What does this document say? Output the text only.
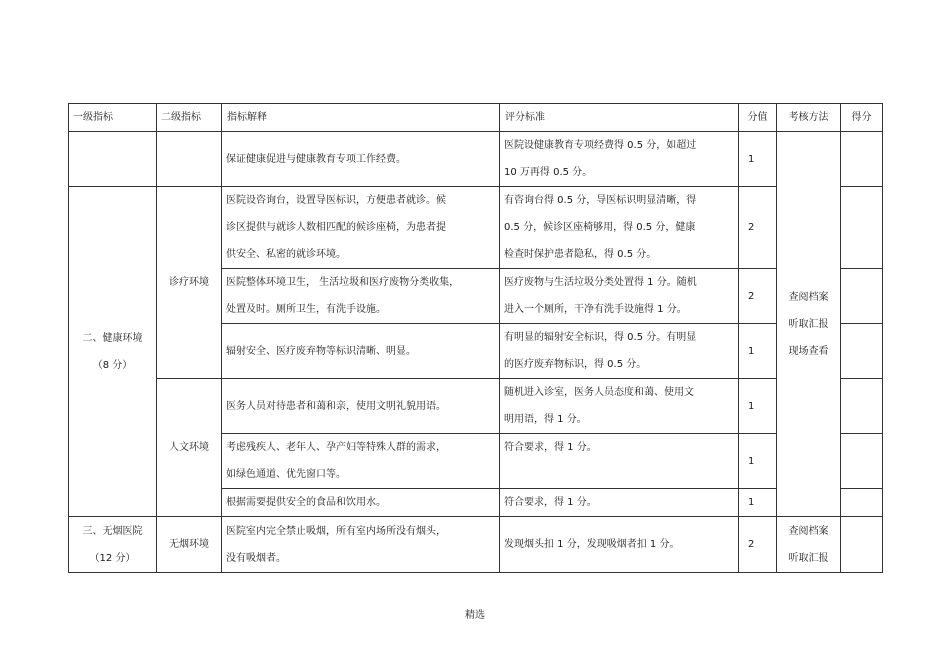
一级指标	二级指标	指标解释	评分标准	分值	考核方法	得分
		保证健康促进与健康教育专项工作经费。	医院设健康教育专项经费得 0.5 分，如超过
10 万再得 0.5 分。	1	查阅档案
听取汇报
现场查看	

二、健康环境
（8 分）	诊疗环境	医院设咨询台，设置导医标识，方便患者就诊。候
诊区提供与就诊人数相匹配的候诊座椅，为患者提
供安全、私密的就诊环境。	有咨询台得 0.5 分，导医标识明显清晰，得
0.5 分，候诊区座椅够用，得 0.5 分，健康
检查时保护患者隐私，得 0.5 分。	2		

		医院整体环境卫生， 生活垃圾和医疗废物分类收集，
处置及时。厕所卫生，有洗手设施。	医疗废物与生活垃圾分类处置得 1 分。随机
进入一个厕所，干净有洗手设施得 1 分。	2		
		辐射安全、医疗废弃物等标识清晰、明显。	有明显的辐射安全标识，得 0.5 分。有明显
的医疗废弃物标识，得 0.5 分。	1		

	人文环境	医务人员对待患者和蔼和亲，使用文明礼貌用语。	随机进入诊室，医务人员态度和蔼、使用文
明用语，得 1 分。	1		

		考虑残疾人、老年人、孕产妇等特殊人群的需求，
如绿色通道、优先窗口等。	符合要求，得 1 分。	1		
		根据需要提供安全的食品和饮用水。	符合要求，得 1 分。	1		

三、无烟医院
（12 分）	无烟环境	医院室内完全禁止吸烟，所有室内场所没有烟头，
没有吸烟者。	发现烟头扣 1 分，发现吸烟者扣 1 分。	2	查阅档案
听取汇报	

精选
